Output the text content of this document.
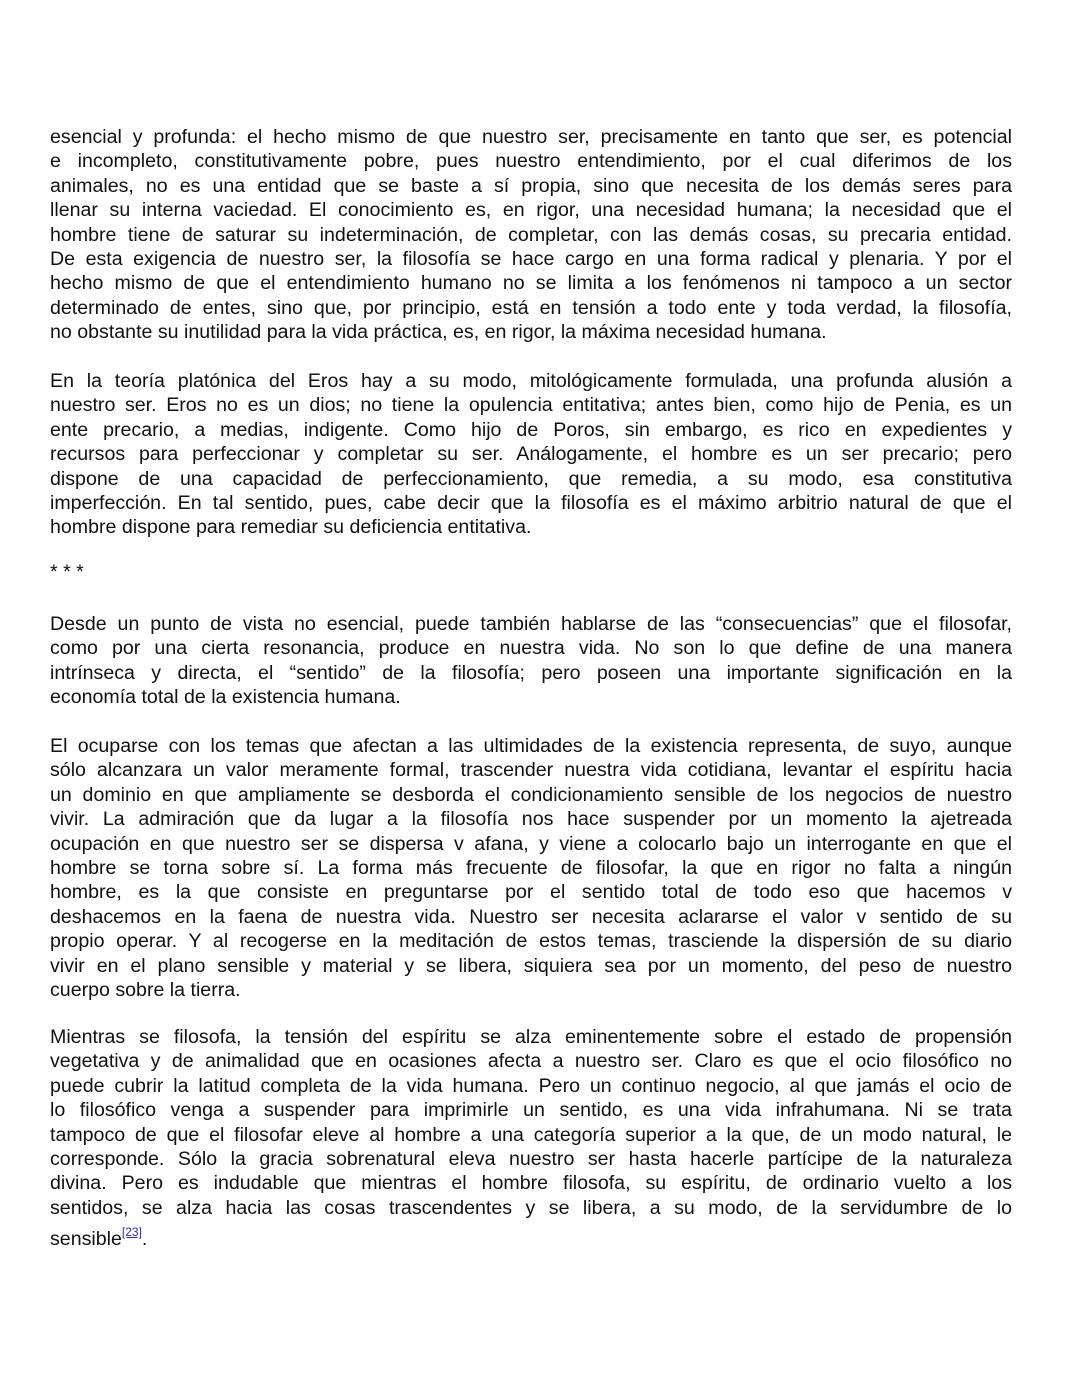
esencial y profunda: el hecho mismo de que nuestro ser, precisamente en tanto que ser, es potencial
e incompleto, constitutivamente pobre, pues nuestro entendimiento, por el cual diferimos de los
animales, no es una entidad que se baste a sí propia, sino que necesita de los demás seres para
llenar su interna vaciedad. El conocimiento es, en rigor, una necesidad humana; la necesidad que el
hombre tiene de saturar su indeterminación, de completar, con las demás cosas, su precaria entidad.
De esta exigencia de nuestro ser, la filosofía se hace cargo en una forma radical y plenaria. Y por el
hecho mismo de que el entendimiento humano no se limita a los fenómenos ni tampoco a un sector
determinado de entes, sino que, por principio, está en tensión a todo ente y toda verdad, la filosofía,
no obstante su inutilidad para la vida práctica, es, en rigor, la máxima necesidad humana.
En la teoría platónica del Eros hay a su modo, mitológicamente formulada, una profunda alusión a
nuestro ser. Eros no es un dios; no tiene la opulencia entitativa; antes bien, como hijo de Penia, es un
ente precario, a medias, indigente. Como hijo de Poros, sin embargo, es rico en expedientes y
recursos para perfeccionar y completar su ser. Análogamente, el hombre es un ser precario; pero
dispone de una capacidad de perfeccionamiento, que remedia, a su modo, esa constitutiva
imperfección. En tal sentido, pues, cabe decir que la filosofía es el máximo arbitrio natural de que el
hombre dispone para remediar su deficiencia entitativa.
* * *
Desde un punto de vista no esencial, puede también hablarse de las “consecuencias” que el filosofar,
como por una cierta resonancia, produce en nuestra vida. No son lo que define de una manera
intrínseca y directa, el “sentido” de la filosofía; pero poseen una importante significación en la
economía total de la existencia humana.
El ocuparse con los temas que afectan a las ultimidades de la existencia representa, de suyo, aunque
sólo alcanzara un valor meramente formal, trascender nuestra vida cotidiana, levantar el espíritu hacia
un dominio en que ampliamente se desborda el condicionamiento sensible de los negocios de nuestro
vivir. La admiración que da lugar a la filosofía nos hace suspender por un momento la ajetreada
ocupación en que nuestro ser se dispersa v afana, y viene a colocarlo bajo un interrogante en que el
hombre se torna sobre sí. La forma más frecuente de filosofar, la que en rigor no falta a ningún
hombre, es la que consiste en preguntarse por el sentido total de todo eso que hacemos v
deshacemos en la faena de nuestra vida. Nuestro ser necesita aclararse el valor v sentido de su
propio operar. Y al recogerse en la meditación de estos temas, trasciende la dispersión de su diario
vivir en el plano sensible y material y se libera, siquiera sea por un momento, del peso de nuestro
cuerpo sobre la tierra.
Mientras se filosofa, la tensión del espíritu se alza eminentemente sobre el estado de propensión
vegetativa y de animalidad que en ocasiones afecta a nuestro ser. Claro es que el ocio filosófico no
puede cubrir la latitud completa de la vida humana. Pero un continuo negocio, al que jamás el ocio de
lo filosófico venga a suspender para imprimirle un sentido, es una vida infrahumana. Ni se trata
tampoco de que el filosofar eleve al hombre a una categoría superior a la que, de un modo natural, le
corresponde. Sólo la gracia sobrenatural eleva nuestro ser hasta hacerle partícipe de la naturaleza
divina. Pero es indudable que mientras el hombre filosofa, su espíritu, de ordinario vuelto a los
sentidos, se alza hacia las cosas trascendentes y se libera, a su modo, de la servidumbre de lo
sensible[23].
